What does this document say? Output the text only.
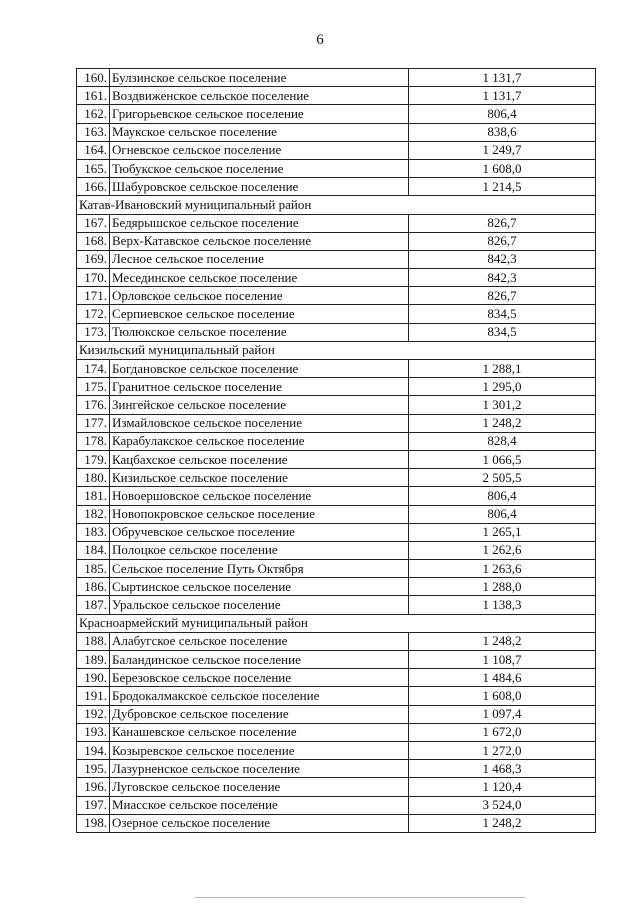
6
160.	Булзинское сельское поселение	1 131,7
161.	Воздвиженское сельское поселение	1 131,7
162.	Григорьевское сельское поселение	806,4
163.	Маукское сельское поселение	838,6
164.	Огневское сельское поселение	1 249,7
165.	Тюбукское сельское поселение	1 608,0
166.	Шабуровское сельское поселение	1 214,5
Катав-Ивановский муниципальный район		
167.	Бедярышское сельское поселение	826,7
168.	Верх-Катавское сельское поселение	826,7
169.	Лесное сельское поселение	842,3
170.	Месединское сельское поселение	842,3
171.	Орловское сельское поселение	826,7
172.	Серпиевское сельское поселение	834,5
173.	Тюлюкское сельское поселение	834,5
Кизильский муниципальный район		
174.	Богдановское сельское поселение	1 288,1
175.	Гранитное сельское поселение	1 295,0
176.	Зингейское сельское поселение	1 301,2
177.	Измайловское сельское поселение	1 248,2
178.	Карабулакское сельское поселение	828,4
179.	Кацбахское сельское поселение	1 066,5
180.	Кизильское сельское поселение	2 505,5
181.	Новоершовское сельское поселение	806,4
182.	Новопокровское сельское поселение	806,4
183.	Обручевское сельское поселение	1 265,1
184.	Полоцкое сельское поселение	1 262,6
185.	Сельское поселение Путь Октября	1 263,6
186.	Сыртинское сельское поселение	1 288,0
187.	Уральское сельское поселение	1 138,3
Красноармейский муниципальный район		
188.	Алабугское сельское поселение	1 248,2
189.	Баландинское сельское поселение	1 108,7
190.	Березовское сельское поселение	1 484,6
191.	Бродокалмакское сельское поселение	1 608,0
192.	Дубровское сельское поселение	1 097,4
193.	Канашевское сельское поселение	1 672,0
194.	Козыревское сельское поселение	1 272,0
195.	Лазурненское сельское поселение	1 468,3
196.	Луговское сельское поселение	1 120,4
197.	Миасское сельское поселение	3 524,0
198.	Озерное сельское поселение	1 248,2
